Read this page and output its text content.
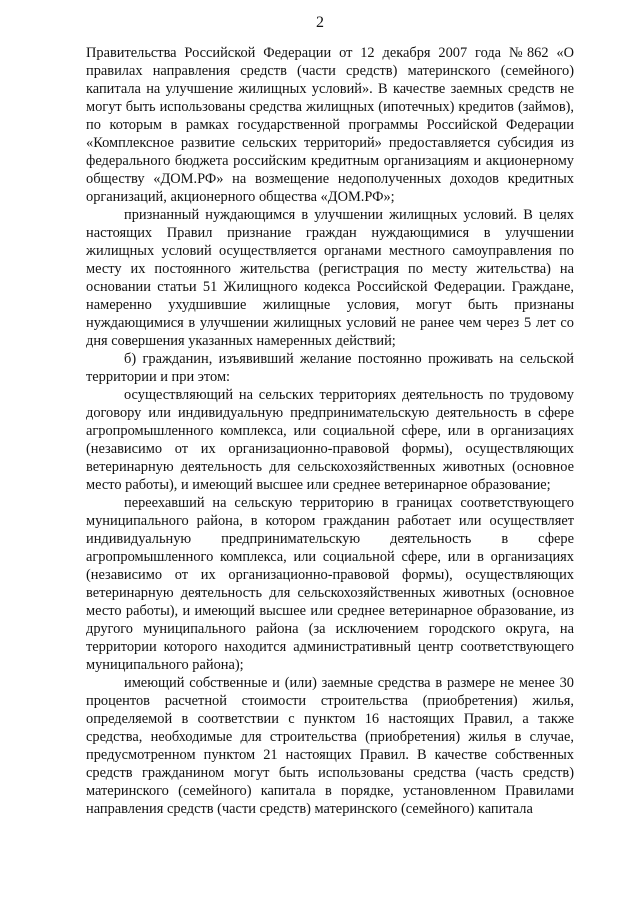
2

Правительства Российской Федерации от 12 декабря 2007 года №862 «О правилах направления средств (части средств) материнского (семейного) капитала на улучшение жилищных условий». В качестве заемных средств не могут быть использованы средства жилищных (ипотечных) кредитов (займов), по которым в рамках государственной программы Российской Федерации «Комплексное развитие сельских территорий» предоставляется субсидия из федерального бюджета российским кредитным организациям и акционерному обществу «ДОМ.РФ» на возмещение недополученных доходов кредитных организаций, акционерного общества «ДОМ.РФ»;

признанный нуждающимся в улучшении жилищных условий. В целях настоящих Правил признание граждан нуждающимися в улучшении жилищных условий осуществляется органами местного самоуправления по месту их постоянного жительства (регистрация по месту жительства) на основании статьи 51 Жилищного кодекса Российской Федерации. Граждане, намеренно ухудшившие жилищные условия, могут быть признаны нуждающимися в улучшении жилищных условий не ранее чем через 5 лет со дня совершения указанных намеренных действий;

б) гражданин, изъявивший желание постоянно проживать на сельской территории и при этом:

осуществляющий на сельских территориях деятельность по трудовому договору или индивидуальную предпринимательскую деятельность в сфере агропромышленного комплекса, или социальной сфере, или в организациях (независимо от их организационно-правовой формы), осуществляющих ветеринарную деятельность для сельскохозяйственных животных (основное место работы), и имеющий высшее или среднее ветеринарное образование;

переехавший на сельскую территорию в границах соответствующего муниципального района, в котором гражданин работает или осуществляет индивидуальную предпринимательскую деятельность в сфере агропромышленного комплекса, или социальной сфере, или в организациях (независимо от их организационно-правовой формы), осуществляющих ветеринарную деятельность для сельскохозяйственных животных (основное место работы), и имеющий высшее или среднее ветеринарное образование, из другого муниципального района (за исключением городского округа, на территории которого находится административный центр соответствующего муниципального района);

имеющий собственные и (или) заемные средства в размере не менее 30 процентов расчетной стоимости строительства (приобретения) жилья, определяемой в соответствии с пунктом 16 настоящих Правил, а также средства, необходимые для строительства (приобретения) жилья в случае, предусмотренном пунктом 21 настоящих Правил. В качестве собственных средств гражданином могут быть использованы средства (часть средств) материнского (семейного) капитала в порядке, установленном Правилами направления средств (части средств) материнского (семейного) капитала
